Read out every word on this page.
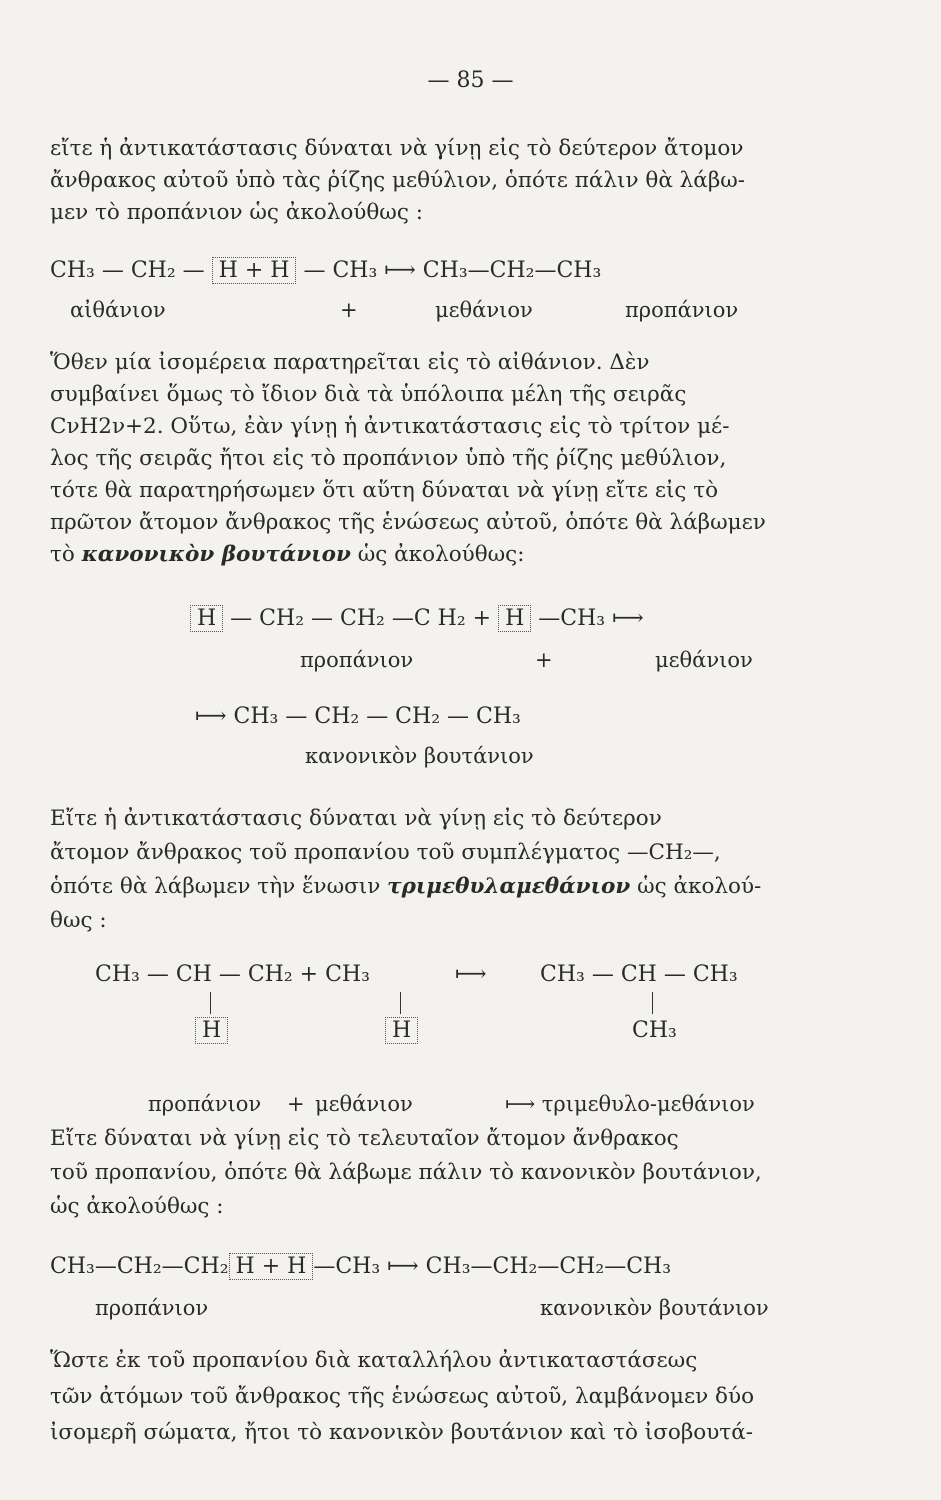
— 85 —
εἴτε ἡ ἀντικατάστασις δύναται νὰ γίνῃ εἰς τὸ δεύτερον ἄτομον
ἄνθρακος αὐτοῦ ὑπὸ τὰς ῥίζης μεθύλιον, ὁπότε πάλιν θὰ λάβω-
μεν τὸ προπάνιον ὡς ἀκολούθως :
CH₃ — CH₂ — H + H — CH₃ ⟼ CH₃—CH₂—CH₃
αἰθάνιον	+	μεθάνιον	προπάνιον
Ὅθεν μία ἰσομέρεια παρατηρεῖται εἰς τὸ αἰθάνιον. Δὲν
συμβαίνει ὅμως τὸ ἴδιον διὰ τὰ ὑπόλοιπα μέλη τῆς σειρᾶς
CνH2ν+2. Οὕτω, ἐὰν γίνῃ ἡ ἀντικατάστασις εἰς τὸ τρίτον μέ-
λος τῆς σειρᾶς ἤτοι εἰς τὸ προπάνιον ὑπὸ τῆς ῥίζης μεθύλιον,
τότε θὰ παρατηρήσωμεν ὅτι αὕτη δύναται νὰ γίνῃ εἴτε εἰς τὸ
πρῶτον ἄτομον ἄνθρακος τῆς ἑνώσεως αὐτοῦ, ὁπότε θὰ λάβωμεν
τὸ κανονικὸν βουτάνιον ὡς ἀκολούθως:
H — CH₂ — CH₂ —C H₂ + H —CH₃ ⟼
προπάνιον	+	μεθάνιον
⟼ CH₃ — CH₂ — CH₂ — CH₃
κανονικὸν βουτάνιον
Εἴτε ἡ ἀντικατάστασις δύναται νὰ γίνῃ εἰς τὸ δεύτερον
ἄτομον ἄνθρακος τοῦ προπανίου τοῦ συμπλέγματος —CH₂—,
ὁπότε θὰ λάβωμεν τὴν ἕνωσιν τριμεθυλαμεθάνιον ὡς ἀκολού-
θως :
CH₃ — CH — CH₂ + CH₃	⟼ CH₃ — CH — CH₃
H	H	CH₃
προπάνιον + μεθάνιον	⟼ τριμεθυλο-μεθάνιον
Εἴτε δύναται νὰ γίνῃ εἰς τὸ τελευταῖον ἄτομον ἄνθρακος
τοῦ προπανίου, ὁπότε θὰ λάβωμε πάλιν τὸ κανονικὸν βουτάνιον,
ὡς ἀκολούθως :
CH₃—CH₂—CH₂ H + H —CH₃ ⟼ CH₃—CH₂—CH₂—CH₃
προπάνιον	κανονικὸν βουτάνιον
Ὥστε ἐκ τοῦ προπανίου διὰ καταλλήλου ἀντικαταστάσεως
τῶν ἀτόμων τοῦ ἄνθρακος τῆς ἑνώσεως αὐτοῦ, λαμβάνομεν δύο
ἰσομερῆ σώματα, ἤτοι τὸ κανονικὸν βουτάνιον καὶ τὸ ἰσοβουτά-
